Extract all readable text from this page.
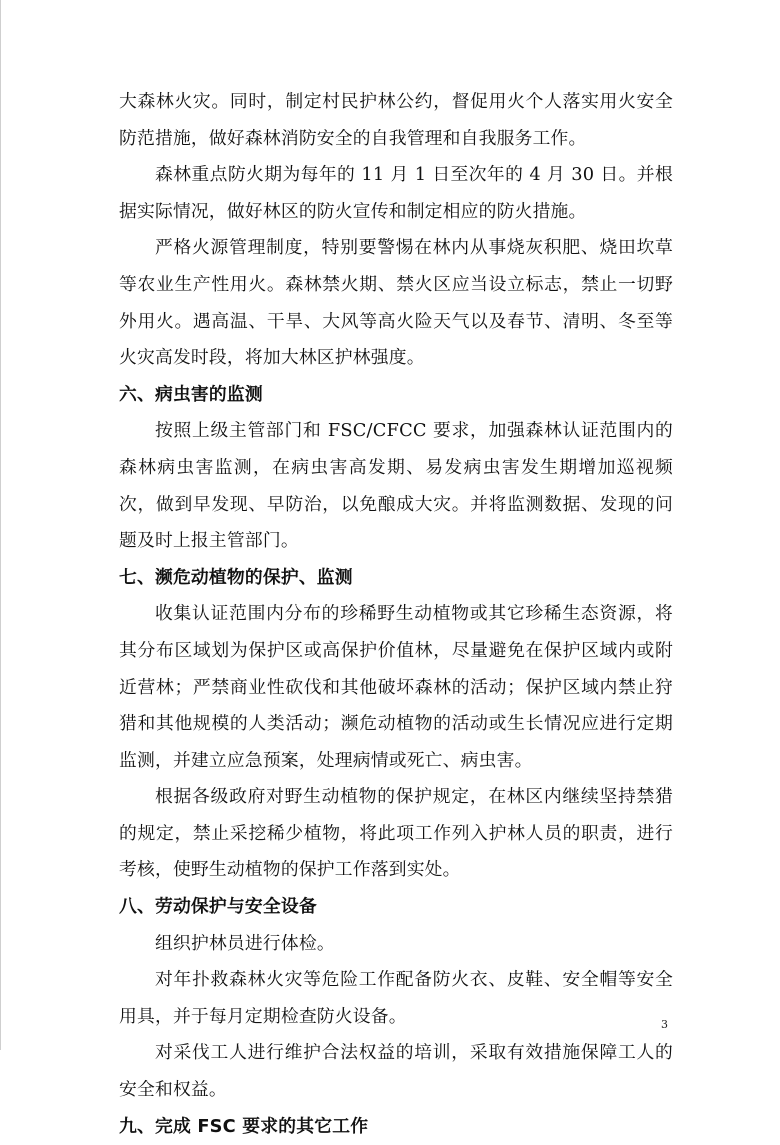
大森林火灾。同时，制定村民护林公约，督促用火个人落实用火安全防范措施，做好森林消防安全的自我管理和自我服务工作。

森林重点防火期为每年的 11 月 1 日至次年的 4 月 30 日。并根据实际情况，做好林区的防火宣传和制定相应的防火措施。

严格火源管理制度，特别要警惕在林内从事烧灰积肥、烧田坎草等农业生产性用火。森林禁火期、禁火区应当设立标志，禁止一切野外用火。遇高温、干旱、大风等高火险天气以及春节、清明、冬至等火灾高发时段，将加大林区护林强度。

六、病虫害的监测

按照上级主管部门和 FSC/CFCC 要求，加强森林认证范围内的森林病虫害监测，在病虫害高发期、易发病虫害发生期增加巡视频次，做到早发现、早防治，以免酿成大灾。并将监测数据、发现的问题及时上报主管部门。

七、濒危动植物的保护、监测

收集认证范围内分布的珍稀野生动植物或其它珍稀生态资源，将其分布区域划为保护区或高保护价值林，尽量避免在保护区域内或附近营林；严禁商业性砍伐和其他破坏森林的活动；保护区域内禁止狩猎和其他规模的人类活动；濒危动植物的活动或生长情况应进行定期监测，并建立应急预案，处理病情或死亡、病虫害。

根据各级政府对野生动植物的保护规定，在林区内继续坚持禁猎的规定，禁止采挖稀少植物，将此项工作列入护林人员的职责，进行考核，使野生动植物的保护工作落到实处。

八、劳动保护与安全设备

组织护林员进行体检。

对年扑救森林火灾等危险工作配备防火衣、皮鞋、安全帽等安全用具，并于每月定期检查防火设备。

对采伐工人进行维护合法权益的培训，采取有效措施保障工人的安全和权益。

九、完成 FSC 要求的其它工作
3
